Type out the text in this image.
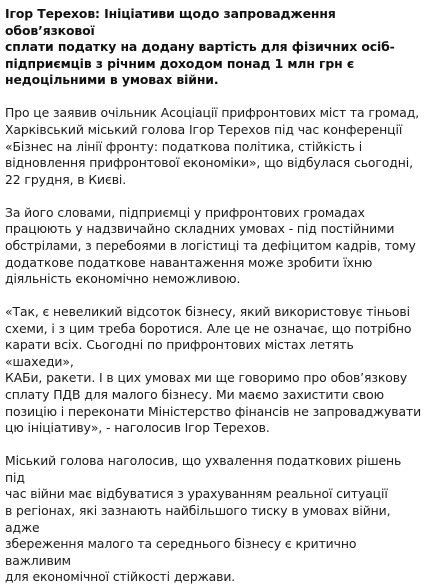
Ігор Терехов: Ініціативи щодо запровадження обов’язкової
сплати податку на додану вартість для фізичних осіб-
підприємців з річним доходом понад 1 млн грн є
недоцільними в умовах війни.

Про це заявив очільник Асоціації прифронтових міст та громад,
Харківський міський голова Ігор Терехов під час конференції
«Бізнес на лінії фронту: податкова політика, стійкість і
відновлення прифронтової економіки», що відбулася сьогодні,
22 грудня, в Києві.

За його словами, підприємці у прифронтових громадах
працюють у надзвичайно складних умовах - під постійними
обстрілами, з перебоями в логістиці та дефіцитом кадрів, тому
додаткове податкове навантаження може зробити їхню
діяльність економічно неможливою.

«Так, є невеликий відсоток бізнесу, який використовує тіньові
схеми, і з цим треба боротися. Але це не означає, що потрібно
карати всіх. Сьогодні по прифронтових містах летять «шахеди»,
КАБи, ракети. І в цих умовах ми ще говоримо про обов’язкову
сплату ПДВ для малого бізнесу. Ми маємо захистити свою
позицію і переконати Міністерство фінансів не запроваджувати
цю ініціативу», - наголосив Ігор Терехов.

Міський голова наголосив, що ухвалення податкових рішень під
час війни має відбуватися з урахуванням реальної ситуації
в регіонах, які зазнають найбільшого тиску в умовах війни, адже
збереження малого та середнього бізнесу є критично важливим
для економічної стійкості держави.
